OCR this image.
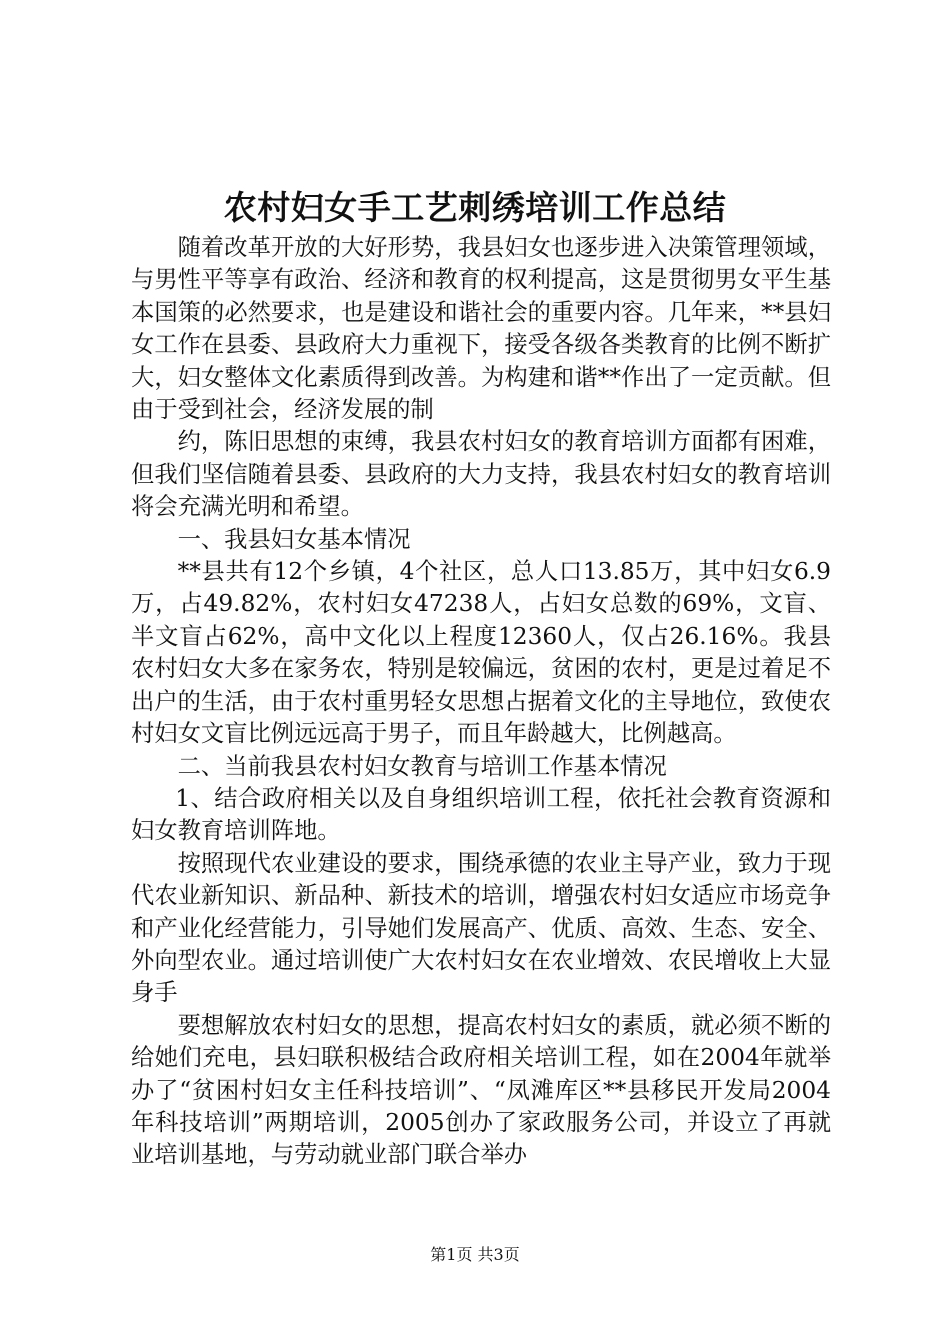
农村妇女手工艺刺绣培训工作总结

随着改革开放的大好形势，我县妇女也逐步进入决策管理领域，与男性平等享有政治、经济和教育的权利提高，这是贯彻男女平生基本国策的必然要求，也是建设和谐社会的重要内容。几年来，**县妇女工作在县委、县政府大力重视下，接受各级各类教育的比例不断扩大，妇女整体文化素质得到改善。为构建和谐**作出了一定贡献。但由于受到社会，经济发展的制

约，陈旧思想的束缚，我县农村妇女的教育培训方面都有困难，但我们坚信随着县委、县政府的大力支持，我县农村妇女的教育培训将会充满光明和希望。

一、我县妇女基本情况

**县共有12个乡镇，4个社区，总人口13.85万，其中妇女6.9万，占49.82%，农村妇女47238人，占妇女总数的69%，文盲、半文盲占62%，高中文化以上程度12360人，仅占26.16%。我县农村妇女大多在家务农，特别是较偏远，贫困的农村，更是过着足不出户的生活，由于农村重男轻女思想占据着文化的主导地位，致使农村妇女文盲比例远远高于男子，而且年龄越大，比例越高。

二、当前我县农村妇女教育与培训工作基本情况

1、结合政府相关以及自身组织培训工程，依托社会教育资源和妇女教育培训阵地。

按照现代农业建设的要求，围绕承德的农业主导产业，致力于现代农业新知识、新品种、新技术的培训，增强农村妇女适应市场竞争和产业化经营能力，引导她们发展高产、优质、高效、生态、安全、外向型农业。通过培训使广大农村妇女在农业增效、农民增收上大显身手

要想解放农村妇女的思想，提高农村妇女的素质，就必须不断的给她们充电，县妇联积极结合政府相关培训工程，如在2004年就举办了“贫困村妇女主任科技培训”、“凤滩库区**县移民开发局2004年科技培训”两期培训，2005创办了家政服务公司，并设立了再就业培训基地，与劳动就业部门联合举办

第1页 共3页
